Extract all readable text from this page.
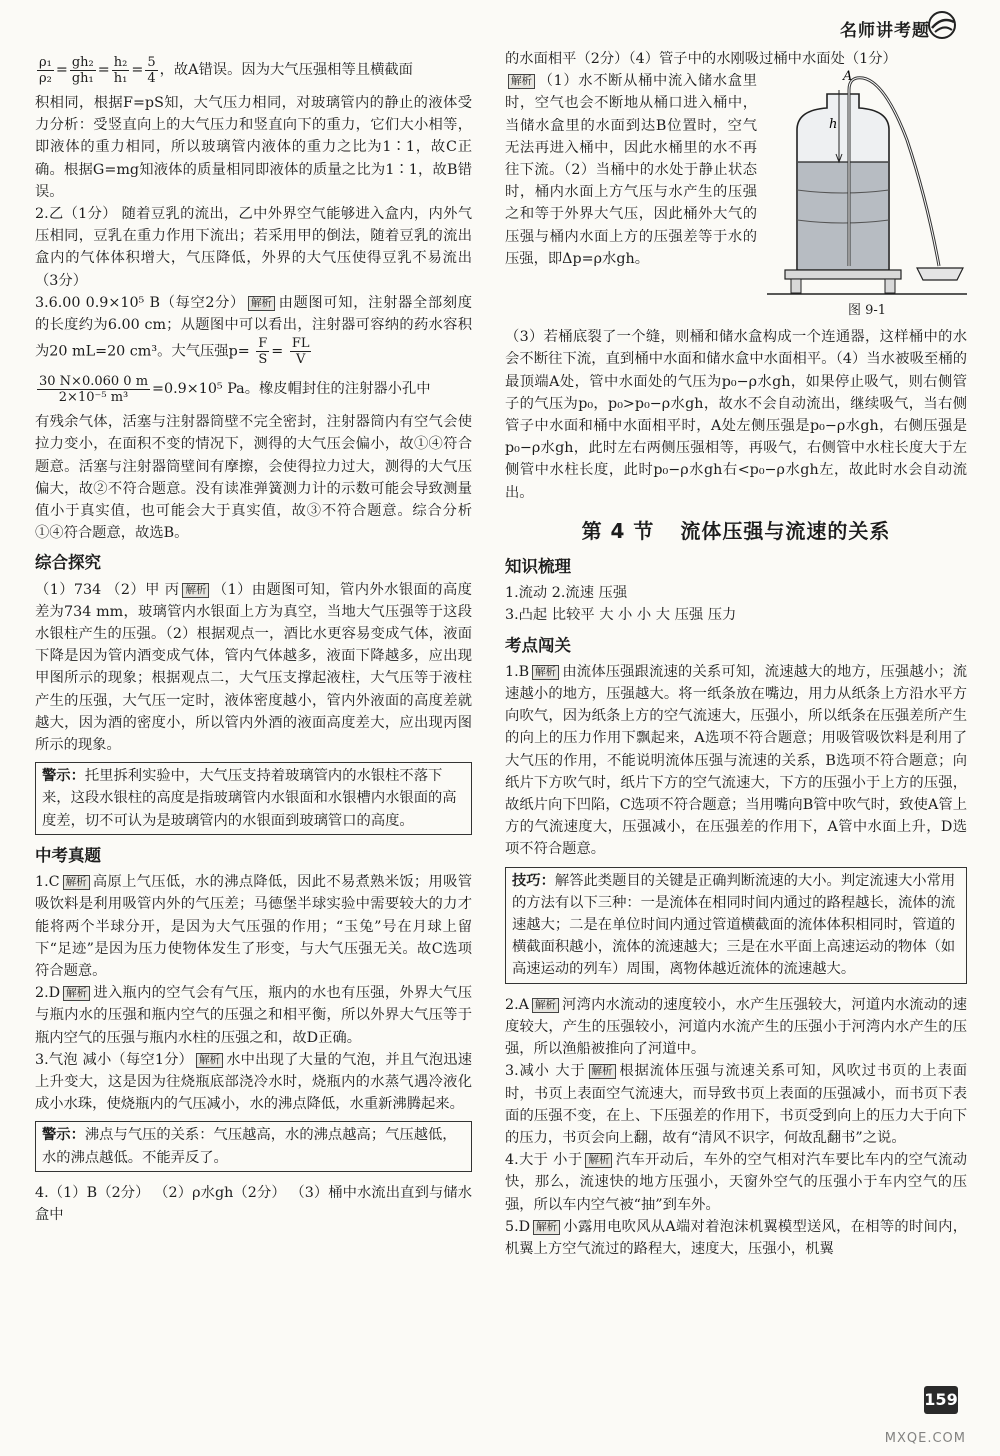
名师讲考题
$\frac{\text{ρ₁}}{\text{ρ₂}} = \frac{\text{gh₂}}{\text{gh₁}} = \frac{\text{h₂}}{\text{h₁}} = \frac{5}{4}$ ，故A错误。因为大气压强相等且横截面

积相同，根据F=pS知，大气压力相同，对玻璃管内的静止的液体受力分析：受竖直向上的大气压力和竖直向下的重力，它们大小相等，即液体的重力相同，所以玻璃管内液体的重力之比为1∶1，故C正确。根据G=mg知液体的质量相同即液体的质量之比为1∶1，故B错误。

2.乙（1分） 随着豆乳的流出，乙中外界空气能够进入盒内，内外气压相同，豆乳在重力作用下流出；若采用甲的倒法，随着豆乳的流出盒内的气体体积增大，气压降低，外界的大气压使得豆乳不易流出（3分）

3.6.00 0.9×10⁵ B（每空2分） 解析 由题图可知，注射器全部刻度的长度约为6.00 cm；从题图中可以看出，注射器可容纳的药水容积为20 mL=20 cm³。大气压强$p= \frac{F}{S} = \frac{FL}{V}$

$\frac{30 N\times 0.060 0 m}{\text{2×10⁻⁵ m³}} =0.9\times 10^5$ Pa。橡皮帽封住的注射器小孔中

有残余气体，活塞与注射器筒壁不完全密封，注射器筒内有空气会使拉力变小，在面积不变的情况下，测得的大气压会偏小，故①④符合题意。活塞与注射器筒壁间有摩擦，会使得拉力过大，测得的大气压偏大，故②不符合题意。没有读准弹簧测力计的示数可能会导致测量值小于真实值，也可能会大于真实值，故③不符合题意。综合分析①④符合题意，故选B。

综合探究

（1）734 （2）甲 丙 解析 （1）由题图可知，管内外水银面的高度差为734 mm，玻璃管内水银面上方为真空，当地大气压强等于这段水银柱产生的压强。（2）根据观点一，酒比水更容易变成气体，液面下降是因为管内酒变成气体，管内气体越多，液面下降越多，应出现甲图所示的现象；根据观点二，大气压支撑起液柱，大气压等于液柱产生的压强，大气压一定时，液体密度越小，管内外液面的高度差就越大，因为酒的密度小，所以管内外酒的液面高度差大，应出现丙图所示的现象。

警示：托里拆利实验中，大气压支持着玻璃管内的水银柱不落下来，这段水银柱的高度是指玻璃管内水银面和水银槽内水银面的高度差，切不可认为是玻璃管内的水银面到玻璃管口的高度。
中考真题

1.C 解析 高原上气压低，水的沸点降低，因此不易煮熟米饭；用吸管吸饮料是利用吸管内外的气压差；马德堡半球实验中需要较大的力才能将两个半球分开，是因为大气压强的作用；“玉兔”号在月球上留下“足迹”是因为压力使物体发生了形变，与大气压强无关。故C选项符合题意。

2.D 解析 进入瓶内的空气会有气压，瓶内的水也有压强，外界大气压与瓶内水的压强和瓶内空气的压强之和相平衡，所以外界大气压等于瓶内空气的压强与瓶内水柱的压强之和，故D正确。

3.气泡 减小（每空1分） 解析 水中出现了大量的气泡，并且气泡迅速上升变大，这是因为往烧瓶底部浇冷水时，烧瓶内的水蒸气遇冷液化成小水珠，使烧瓶内的气压减小，水的沸点降低，水重新沸腾起来。

警示：沸点与气压的关系：气压越高，水的沸点越高；气压越低，水的沸点越低。不能弄反了。

4.（1）B（2分） （2）ρ水gh（2分） （3）桶中水流出直到与储水盒中

的水面相平（2分）（4）管子中的水刚吸过桶中水面处（1分）

A
h
图 9-1

解析 （1）水不断从桶中流入储水盒里时，空气也会不断地从桶口进入桶中，当储水盒里的水面到达B位置时，空气无法再进入桶中，因此水桶里的水不再往下流。（2）当桶中的水处于静止状态时，桶内水面上方气压与水产生的压强之和等于外界大气压，因此桶外大气的压强与桶内水面上方的压强差等于水的压强，即Δp=ρ水gh。

（3）若桶底裂了一个缝，则桶和储水盒构成一个连通器，这样桶中的水会不断往下流，直到桶中水面和储水盒中水面相平。（4）当水被吸至桶的最顶端A处，管中水面处的气压为p₀−ρ水gh，如果停止吸气，则右侧管子的气压为p₀，p₀>p₀−ρ水gh，故水不会自动流出，继续吸气，当右侧管子中水面和桶中水面相平时，A处左侧压强是p₀−ρ水gh，右侧压强是p₀−ρ水gh，此时左右两侧压强相等，再吸气，右侧管中水柱长度大于左侧管中水柱长度，此时p₀−ρ水gh右<p₀−ρ水gh左，故此时水会自动流出。

第 4 节 流体压强与流速的关系
知识梳理

1.流动 2.流速 压强

3.凸起 比较平 大 小 小 大 压强 压力

考点闯关

1.B 解析 由流体压强跟流速的关系可知，流速越大的地方，压强越小；流速越小的地方，压强越大。将一纸条放在嘴边，用力从纸条上方沿水平方向吹气，因为纸条上方的空气流速大，压强小，所以纸条在压强差所产生的向上的压力作用下飘起来，A选项不符合题意；用吸管吸饮料是利用了大气压的作用，不能说明流体压强与流速的关系，B选项不符合题意；向纸片下方吹气时，纸片下方的空气流速大，下方的压强小于上方的压强，故纸片向下凹陷，C选项不符合题意；当用嘴向B管中吹气时，致使A管上方的气流速度大，压强减小，在压强差的作用下，A管中水面上升，D选项不符合题意。

技巧：解答此类题目的关键是正确判断流速的大小。判定流速大小常用的方法有以下三种：一是流体在相同时间内通过的路程越长，流体的流速越大；二是在单位时间内通过管道横截面的流体体积相同时，管道的横截面积越小，流体的流速越大；三是在水平面上高速运动的物体（如高速运动的列车）周围，离物体越近流体的流速越大。

2.A 解析 河湾内水流动的速度较小，水产生压强较大，河道内水流动的速度较大，产生的压强较小，河道内水流产生的压强小于河湾内水产生的压强，所以渔船被推向了河道中。

3.减小 大于 解析 根据流体压强与流速关系可知，风吹过书页的上表面时，书页上表面空气流速大，而导致书页上表面的压强减小，而书页下表面的压强不变，在上、下压强差的作用下，书页受到向上的压力大于向下的压力，书页会向上翻，故有“清风不识字，何故乱翻书”之说。

4.大于 小于 解析 汽车开动后，车外的空气相对汽车要比车内的空气流动快，那么，流速快的地方压强小，天窗外空气的压强小于车内空气的压强，所以车内空气被“抽”到车外。

5.D 解析 小露用电吹风从A端对着泡沫机翼模型送风，在相等的时间内，机翼上方空气流过的路程大，速度大，压强小，机翼

159
MXQE.COM
